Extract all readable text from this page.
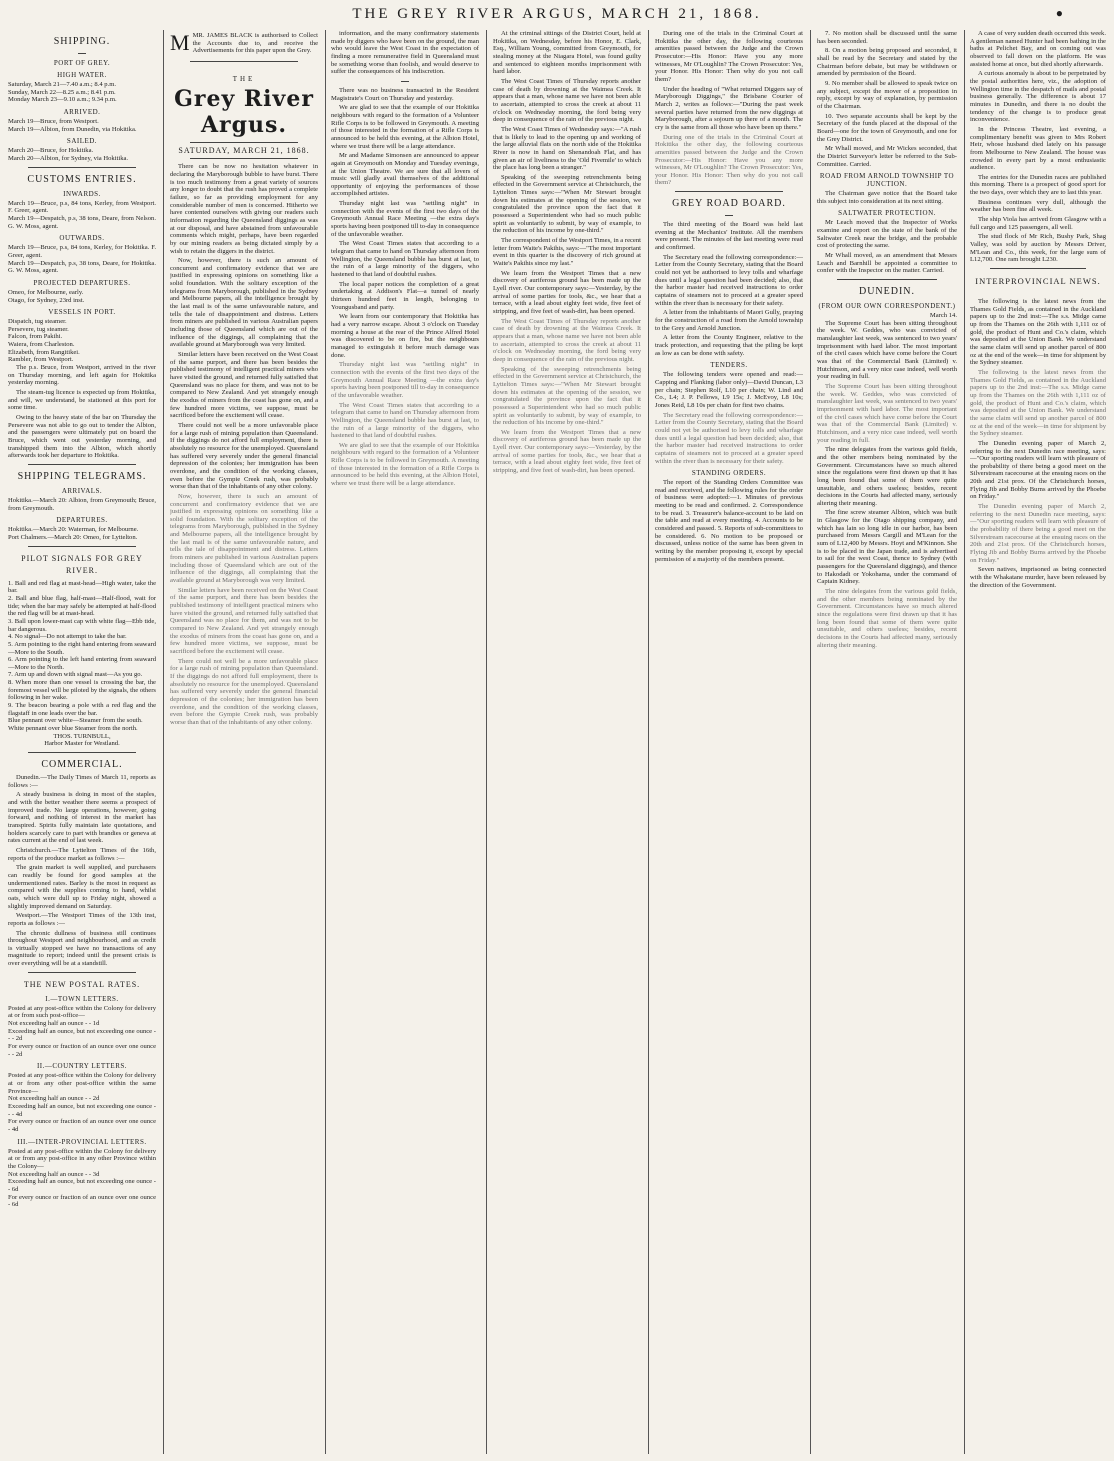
THE GREY RIVER ARGUS, MARCH 21, 1868.	●
SHIPPING.
PORT OF GREY.
HIGH WATER.
Saturday, March 21—7.40 a.m.; 8.4 p.m.
Sunday, March 22—8.25 a.m.; 8.41 p.m.
Monday March 23—9.10 a.m.; 9.34 p.m.
ARRIVED.
March 19—Bruce, from Westport.
March 19—Albion, from Dunedin, via Hokitika.
SAILED.
March 20—Bruce, for Hokitika.
March 20—Albion, for Sydney, via Hokitika.
CUSTOMS ENTRIES.
INWARDS.
March 19—Bruce, p.s, 84 tons, Kerley, from Westport. F. Greer, agent.
March 19—Despatch, p.s, 38 tons, Deare, from Nelson. G. W. Moss, agent.
OUTWARDS.
March 19—Bruce, p.s, 84 tons, Kerley, for Hokitika. F. Greer, agent.
March 19—Despatch, p.s, 38 tons, Deare, for Hokitika. G. W. Moss, agent.
PROJECTED DEPARTURES.
Omeo, for Melbourne, early.
Otago, for Sydney, 23rd inst.
VESSELS IN PORT.
Dispatch, tug steamer.
Persevere, tug steamer.
Falcon, from Pakihi.
Waiera, from Charleston.
Elizabeth, from Rangitikei.
Rambler, from Westport.

The p.s. Bruce, from Westport, arrived in the river on Thursday morning, and left again for Hokitika yesterday morning.

The steam-tug licence is expected up from Hokitika, and will, we understand, be stationed at this port for some time.

Owing to the heavy state of the bar on Thursday the Persevere was not able to go out to tender the Albion, and the passengers were ultimately put on board the Bruce, which went out yesterday morning, and transhipped them into the Albion, which shortly afterwards took her departure to Hokitika.

SHIPPING TELEGRAMS.
ARRIVALS.
Hokitika.—March 20: Albion, from Greymouth; Bruce, from Greymouth.
DEPARTURES.
Hokitika.—March 20: Waterman, for Melbourne.
Port Chalmers.—March 20: Omeo, for Lyttelton.
PILOT SIGNALS FOR GREY RIVER.
1. Ball and red flag at mast-head—High water, take the bar.
2. Ball and blue flag, half-mast—Half-flood, wait for tide; when the bar may safely be attempted at half-flood the red flag will be at mast-head.
3. Ball upon lower-mast cap with white flag—Ebb tide, bar dangerous.
4. No signal—Do not attempt to take the bar.
5. Arm pointing to the right hand entering from seaward—More to the South.
6. Arm pointing to the left hand entering from seaward—More to the North.
7. Arm up and down with signal mast—As you go.
8. When more than one vessel is crossing the bar, the foremost vessel will be piloted by the signals, the others following in her wake.
9. The beacon bearing a pole with a red flag and the flagstaff in one leads over the bar.
Blue pennant over white—Steamer from the south.
White pennant over blue Steamer from the north.
THOS. TURNBULL,
Harbor Master for Westland.
COMMERCIAL.

Dunedin.—The Daily Times of March 11, reports as follows :—

A steady business is doing in most of the staples, and with the better weather there seems a prospect of improved trade. No large operations, however, going forward, and nothing of interest in the market has transpired. Spirits fully maintain late quotations, and holders scarcely care to part with brandies or geneva at rates current at the end of last week.

Christchurch.—The Lyttelton Times of the 16th, reports of the produce market as follows :—

The grain market is well supplied, and purchasers can readily be found for good samples at the undermentioned rates. Barley is the most in request as compared with the supplies coming to hand, whilst oats, which were dull up to Friday night, showed a slightly improved demand on Saturday.

Westport.—The Westport Times of the 13th inst, reports as follows :—

The chronic dullness of business still continues throughout Westport and neighbourhood, and as credit is virtually stopped we have no transactions of any magnitude to report; indeed until the present crisis is over everything will be at a standstill.

THE NEW POSTAL RATES.
I.—TOWN LETTERS.
Posted at any post-office within the Colony for delivery at or from such post-office—
Not exceeding half an ounce - - 1d
Exceeding half an ounce, but not exceeding one ounce - - - 2d
For every ounce or fraction of an ounce over one ounce - - 2d
II.—COUNTRY LETTERS.
Posted at any post-office within the Colony for delivery at or from any other post-office within the same Province—
Not exceeding half an ounce - - 2d
Exceeding half an ounce, but not exceeding one ounce - - - 4d
For every ounce or fraction of an ounce over one ounce - 4d
III.—INTER-PROVINCIAL LETTERS.
Posted at any post-office within the Colony for delivery at or from any post-office in any other Province within the Colony—
Not exceeding half an ounce - - 3d
Exceeding half an ounce, but not exceeding one ounce - - 6d
For every ounce or fraction of an ounce over one ounce - 6d
M MR. JAMES BLACK is authorised to Collect the Accounts due to, and receive the Advertisements for this paper upon the Grey.
THE
Grey River Argus.
SATURDAY, MARCH 21, 1868.

There can be now no hesitation whatever in declaring the Maryborough bubble to have burst. There is too much testimony from a great variety of sources any longer to doubt that the rush has proved a complete failure, so far as providing employment for any considerable number of men is concerned. Hitherto we have contented ourselves with giving our readers such information regarding the Queensland diggings as was at our disposal, and have abstained from unfavourable comments which might, perhaps, have been regarded by our mining readers as being dictated simply by a wish to retain the diggers in the district.

Now, however, there is such an amount of concurrent and confirmatory evidence that we are justified in expressing opinions on something like a solid foundation. With the solitary exception of the telegrams from Maryborough, published in the Sydney and Melbourne papers, all the intelligence brought by the last mail is of the same unfavourable nature, and tells the tale of disappointment and distress. Letters from miners are published in various Australian papers including those of Queensland which are out of the influence of the diggings, all complaining that the available ground at Maryborough was very limited.

Similar letters have been received on the West Coast of the same purport, and there has been besides the published testimony of intelligent practical miners who have visited the ground, and returned fully satisfied that Queensland was no place for them, and was not to be compared to New Zealand. And yet strangely enough the exodus of miners from the coast has gone on, and a few hundred more victims, we suppose, must be sacrificed before the excitement will cease.

There could not well be a more unfavorable place for a large rush of mining population than Queensland. If the diggings do not afford full employment, there is absolutely no resource for the unemployed. Queensland has suffered very severely under the general financial depression of the colonies; her immigration has been overdone, and the condition of the working classes, even before the Gympie Creek rush, was probably worse than that of the inhabitants of any other colony.

Now, however, there is such an amount of concurrent and confirmatory evidence that we are justified in expressing opinions on something like a solid foundation. With the solitary exception of the telegrams from Maryborough, published in the Sydney and Melbourne papers, all the intelligence brought by the last mail is of the same unfavourable nature, and tells the tale of disappointment and distress. Letters from miners are published in various Australian papers including those of Queensland which are out of the influence of the diggings, all complaining that the available ground at Maryborough was very limited.

Similar letters have been received on the West Coast of the same purport, and there has been besides the published testimony of intelligent practical miners who have visited the ground, and returned fully satisfied that Queensland was no place for them, and was not to be compared to New Zealand. And yet strangely enough the exodus of miners from the coast has gone on, and a few hundred more victims, we suppose, must be sacrificed before the excitement will cease.

There could not well be a more unfavorable place for a large rush of mining population than Queensland. If the diggings do not afford full employment, there is absolutely no resource for the unemployed. Queensland has suffered very severely under the general financial depression of the colonies; her immigration has been overdone, and the condition of the working classes, even before the Gympie Creek rush, was probably worse than that of the inhabitants of any other colony.

information, and the many confirmatory statements made by diggers who have been on the ground, the man who would leave the West Coast in the expectation of finding a more remunerative field in Queensland must be something worse than foolish, and would deserve to suffer the consequences of his indiscretion.

There was no business transacted in the Resident Magistrate's Court on Thursday and yesterday.

We are glad to see that the example of our Hokitika neighbours with regard to the formation of a Volunteer Rifle Corps is to be followed in Greymouth. A meeting of those interested in the formation of a Rifle Corps is announced to be held this evening, at the Albion Hotel, where we trust there will be a large attendance.

Mr and Madame Simonsen are announced to appear again at Greymouth on Monday and Tuesday evenings, at the Union Theatre. We are sure that all lovers of music will gladly avail themselves of the additional opportunity of enjoying the performances of those accomplished artistes.

Thursday night last was "settling night" in connection with the events of the first two days of the Greymouth Annual Race Meeting —the extra day's sports having been postponed till to-day in consequence of the unfavorable weather.

The West Coast Times states that according to a telegram that came to hand on Thursday afternoon from Wellington, the Queensland bubble has burst at last, to the ruin of a large minority of the diggers, who hastened to that land of doubtful rushes.

The local paper notices the completion of a great undertaking at Addison's Flat—a tunnel of nearly thirteen hundred feet in length, belonging to Youngusband and party.

We learn from our contemporary that Hokitika has had a very narrow escape. About 3 o'clock on Tuesday morning a house at the rear of the Prince Alfred Hotel was discovered to be on fire, but the neighbours managed to extinguish it before much damage was done.

Thursday night last was "settling night" in connection with the events of the first two days of the Greymouth Annual Race Meeting —the extra day's sports having been postponed till to-day in consequence of the unfavorable weather.

The West Coast Times states that according to a telegram that came to hand on Thursday afternoon from Wellington, the Queensland bubble has burst at last, to the ruin of a large minority of the diggers, who hastened to that land of doubtful rushes.

We are glad to see that the example of our Hokitika neighbours with regard to the formation of a Volunteer Rifle Corps is to be followed in Greymouth. A meeting of those interested in the formation of a Rifle Corps is announced to be held this evening, at the Albion Hotel, where we trust there will be a large attendance.

At the criminal sittings of the District Court, held at Hokitika, on Wednesday, before his Honor, E. Clark, Esq., William Young, committed from Greymouth, for stealing money at the Niagara Hotel, was found guilty and sentenced to eighteen months imprisonment with hard labor.

The West Coast Times of Thursday reports another case of death by drowning at the Waimea Creek. It appears that a man, whose name we have not been able to ascertain, attempted to cross the creek at about 11 o'clock on Wednesday morning, the ford being very deep in consequence of the rain of the previous night.

The West Coast Times of Wednesday says:—"A rush that is likely to lead to the opening up and working of the large alluvial flats on the north side of the Hokitika River is now in hand on Shenandoah Flat, and has given an air of liveliness to the 'Old Fivemile' to which the place has long been a stranger."

Speaking of the sweeping retrenchments being effected in the Government service at Christchurch, the Lyttelton Times says:—"When Mr Stewart brought down his estimates at the opening of the session, we congratulated the province upon the fact that it possessed a Superintendent who had so much public spirit as voluntarily to submit, by way of example, to the reduction of his income by one-third."

The correspondent of the Westport Times, in a recent letter from Waite's Pakihis, says:—"The most important event in this quarter is the discovery of rich ground at Waite's Pakihis since my last."

We learn from the Westport Times that a new discovery of auriferous ground has been made up the Lyell river. Our contemporary says:—Yesterday, by the arrival of some parties for tools, &c., we hear that a terrace, with a lead about eighty feet wide, five feet of stripping, and five feet of wash-dirt, has been opened.

The West Coast Times of Thursday reports another case of death by drowning at the Waimea Creek. It appears that a man, whose name we have not been able to ascertain, attempted to cross the creek at about 11 o'clock on Wednesday morning, the ford being very deep in consequence of the rain of the previous night.

Speaking of the sweeping retrenchments being effected in the Government service at Christchurch, the Lyttelton Times says:—"When Mr Stewart brought down his estimates at the opening of the session, we congratulated the province upon the fact that it possessed a Superintendent who had so much public spirit as voluntarily to submit, by way of example, to the reduction of his income by one-third."

We learn from the Westport Times that a new discovery of auriferous ground has been made up the Lyell river. Our contemporary says:—Yesterday, by the arrival of some parties for tools, &c., we hear that a terrace, with a lead about eighty feet wide, five feet of stripping, and five feet of wash-dirt, has been opened.

During one of the trials in the Criminal Court at Hokitika the other day, the following courteous amenities passed between the Judge and the Crown Prosecutor:—His Honor: Have you any more witnesses, Mr O'Loughlin? The Crown Prosecutor: Yes, your Honor. His Honor: Then why do you not call them?

Under the heading of "What returned Diggers say of Maryborough Diggings," the Brisbane Courier of March 2, writes as follows:—"During the past week several parties have returned from the new diggings at Maryborough, after a sojourn up there of a month. The cry is the same from all those who have been up there."

During one of the trials in the Criminal Court at Hokitika the other day, the following courteous amenities passed between the Judge and the Crown Prosecutor:—His Honor: Have you any more witnesses, Mr O'Loughlin? The Crown Prosecutor: Yes, your Honor. His Honor: Then why do you not call them?

GREY ROAD BOARD.

The third meeting of the Board was held last evening at the Mechanics' Institute. All the members were present. The minutes of the last meeting were read and confirmed.

The Secretary read the following correspondence:—Letter from the County Secretary, stating that the Board could not yet be authorised to levy tolls and wharfage dues until a legal question had been decided; also, that the harbor master had received instructions to order captains of steamers not to proceed at a greater speed within the river than is necessary for their safety.

A letter from the inhabitants of Maori Gully, praying for the construction of a road from the Arnold township to the Grey and Arnold Junction.

A letter from the County Engineer, relative to the track protection, and requesting that the piling be kept as low as can be done with safety.

TENDERS.

The following tenders were opened and read:—Capping and Flanking (labor only)—David Duncan, L3 per chain; Stephen Rolf, L10 per chain; W. Lind and Co., L4; J. P. Fellows, L9 15s; J. McEvoy, L8 10s; Jones Reid, L8 10s per chain for first two chains.

The Secretary read the following correspondence:—Letter from the County Secretary, stating that the Board could not yet be authorised to levy tolls and wharfage dues until a legal question had been decided; also, that the harbor master had received instructions to order captains of steamers not to proceed at a greater speed within the river than is necessary for their safety.

STANDING ORDERS.

The report of the Standing Orders Committee was read and received, and the following rules for the order of business were adopted:—1. Minutes of previous meeting to be read and confirmed. 2. Correspondence to be read. 3. Treasurer's balance-account to be laid on the table and read at every meeting. 4. Accounts to be considered and passed. 5. Reports of sub-committees to be considered. 6. No motion to be proposed or discussed, unless notice of the same has been given in writing by the member proposing it, except by special permission of a majority of the members present.

7. No motion shall be discussed until the same has been seconded.

8. On a motion being proposed and seconded, it shall be read by the Secretary and stated by the Chairman before debate, but may be withdrawn or amended by permission of the Board.

9. No member shall be allowed to speak twice on any subject, except the mover of a proposition in reply, except by way of explanation, by permission of the Chairman.

10. Two separate accounts shall be kept by the Secretary of the funds placed at the disposal of the Board—one for the town of Greymouth, and one for the Grey District.

Mr Whall moved, and Mr Wickes seconded, that the District Surveyor's letter be referred to the Sub-Committee. Carried.

ROAD FROM ARNOLD TOWNSHIP TO JUNCTION.

The Chairman gave notice that the Board take this subject into consideration at its next sitting.

SALTWATER PROTECTION.

Mr Leach moved that the Inspector of Works examine and report on the state of the bank of the Saltwater Creek near the bridge, and the probable cost of protecting the same.

Mr Whall moved, as an amendment that Messrs Leach and Barnhill be appointed a committee to confer with the Inspector on the matter. Carried.

DUNEDIN.
(FROM OUR OWN CORRESPONDENT.)
March 14.

The Supreme Court has been sitting throughout the week. W. Geddes, who was convicted of manslaughter last week, was sentenced to two years' imprisonment with hard labor. The most important of the civil cases which have come before the Court was that of the Commercial Bank (Limited) v. Hutchinson, and a very nice case indeed, well worth your reading in full.

The Supreme Court has been sitting throughout the week. W. Geddes, who was convicted of manslaughter last week, was sentenced to two years' imprisonment with hard labor. The most important of the civil cases which have come before the Court was that of the Commercial Bank (Limited) v. Hutchinson, and a very nice case indeed, well worth your reading in full.

The nine delegates from the various gold fields, and the other members being nominated by the Government. Circumstances have so much altered since the regulations were first drawn up that it has long been found that some of them were quite unsuitable, and others useless; besides, recent decisions in the Courts had affected many, seriously altering their meaning.

The fine screw steamer Albion, which was built in Glasgow for the Otago shipping company, and which has lain so long idle in our harbor, has been purchased from Messrs Cargill and M'Lean for the sum of L12,400 by Messrs. Hoyt and M'Kinnon. She is to be placed in the Japan trade, and is advertised to sail for the west Coast, thence to Sydney (with passengers for the Queensland diggings), and thence to Hakodadi or Yokohama, under the command of Captain Kidney.

The nine delegates from the various gold fields, and the other members being nominated by the Government. Circumstances have so much altered since the regulations were first drawn up that it has long been found that some of them were quite unsuitable, and others useless; besides, recent decisions in the Courts had affected many, seriously altering their meaning.

A case of very sudden death occurred this week. A gentleman named Hunter had been bathing in the baths at Pelichet Bay, and on coming out was observed to fall down on the platform. He was assisted home at once, but died shortly afterwards.

A curious anomaly is about to be perpetrated by the postal authorities here, viz., the adoption of Wellington time in the despatch of mails and postal business generally. The difference is about 17 minutes in Dunedin, and there is no doubt the tendency of the change is to produce great inconvenience.

In the Princess Theatre, last evening, a complimentary benefit was given to Mrs Robert Heir, whose husband died lately on his passage from Melbourne to New Zealand. The house was crowded in every part by a most enthusiastic audience.

The entries for the Dunedin races are published this morning. There is a prospect of good sport for the two days, over which they are to last this year.

Business continues very dull, although the weather has been fine all week.

The ship Viola has arrived from Glasgow with a full cargo and 125 passengers, all well.

The stud flock of Mr Rich, Bushy Park, Shag Valley, was sold by auction by Messrs Driver, M'Lean and Co., this week, for the large sum of L12,700. One ram brought L230.

INTERPROVINCIAL NEWS.

The following is the latest news from the Thames Gold Fields, as contained in the Auckland papers up to the 2nd inst:—The s.s. Midge came up from the Thames on the 26th with 1,111 oz of gold, the product of Hunt and Co.'s claim, which was deposited at the Union Bank. We understand the same claim will send up another parcel of 800 oz at the end of the week—in time for shipment by the Sydney steamer.

The following is the latest news from the Thames Gold Fields, as contained in the Auckland papers up to the 2nd inst:—The s.s. Midge came up from the Thames on the 26th with 1,111 oz of gold, the product of Hunt and Co.'s claim, which was deposited at the Union Bank. We understand the same claim will send up another parcel of 800 oz at the end of the week—in time for shipment by the Sydney steamer.

The Dunedin evening paper of March 2, referring to the next Dunedin race meeting, says:—"Our sporting readers will learn with pleasure of the probability of there being a good meet on the Silverstream racecourse at the ensuing races on the 20th and 21st prox. Of the Christchurch horses, Flying Jib and Bobby Burns arrived by the Phoebe on Friday."

The Dunedin evening paper of March 2, referring to the next Dunedin race meeting, says:—"Our sporting readers will learn with pleasure of the probability of there being a good meet on the Silverstream racecourse at the ensuing races on the 20th and 21st prox. Of the Christchurch horses, Flying Jib and Bobby Burns arrived by the Phoebe on Friday."

Seven natives, imprisoned as being connected with the Whakatane murder, have been released by the direction of the Government.
